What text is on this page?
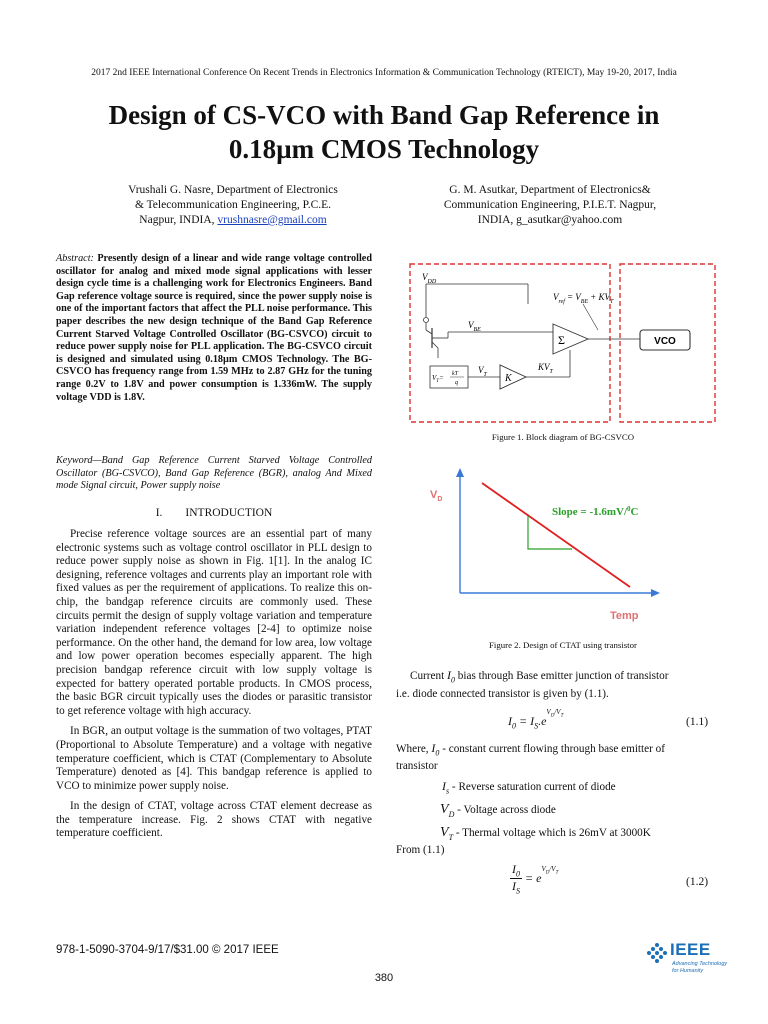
2017 2nd IEEE International Conference On Recent Trends in Electronics Information & Communication Technology (RTEICT), May 19-20, 2017, India
Design of CS-VCO with Band Gap Reference in
0.18µm CMOS Technology
Vrushali G. Nasre, Department of Electronics
& Telecommunication Engineering, P.C.E.
Nagpur, INDIA, vrushnasre@gmail.com
G. M. Asutkar, Department of Electronics&
Communication Engineering, P.I.E.T. Nagpur,
INDIA, g_asutkar@yahoo.com
Abstract: Presently design of a linear and wide range voltage controlled oscillator for analog and mixed mode signal applications with lesser design cycle time is a challenging work for Electronics Engineers. Band Gap reference voltage source is required, since the power supply noise is one of the important factors that affect the PLL noise performance. This paper describes the new design technique of the Band Gap Reference Current Starved Voltage Controlled Oscillator (BG-CSVCO) circuit to reduce power supply noise for PLL application. The BG-CSVCO circuit is designed and simulated using 0.18µm CMOS Technology. The BG-CSVCO has frequency range from 1.59 MHz to 2.87 GHz for the tuning range 0.2V to 1.8V and power consumption is 1.336mW. The supply voltage VDD is 1.8V.
Keyword—Band Gap Reference Current Starved Voltage Controlled Oscillator (BG-CSVCO), Band Gap Reference (BGR), analog And Mixed mode Signal circuit, Power supply noise
I. INTRODUCTION

Precise reference voltage sources are an essential part of many electronic systems such as voltage control oscillator in PLL design to reduce power supply noise as shown in Fig. 1[1]. In the analog IC designing, reference voltages and currents play an important role with fixed values as per the requirement of applications. To realize this on-chip, the bandgap reference circuits are commonly used. These circuits permit the design of supply voltage variation and temperature variation independent reference voltages [2-4] to optimize noise performance. On the other hand, the demand for low area, low voltage and low power operation becomes especially apparent. The high precision bandgap reference circuit with low supply voltage is expected for battery operated portable products. In CMOS process, the basic BGR circuit typically uses the diodes or parasitic transistor to get reference voltage with high accuracy.

In BGR, an output voltage is the summation of two voltages, PTAT (Proportional to Absolute Temperature) and a voltage with negative temperature coefficient, which is CTAT (Complementary to Absolute Temperature) denoted as [4]. This bandgap reference is applied to VCO to minimize power supply noise.

In the design of CTAT, voltage across CTAT element decrease as the temperature increase. Fig. 2 shows CTAT with negative temperature coefficient.

$V_{DD}$
$V_{BE}$
$V_{ref} = V_{BE} + KV_T$
Σ	VCO
$V_T=$ kT
q
$V_T$ K
$KV_T$
Figure 1. Block diagram of BG-CSVCO
$V_D$
Temp
Slope = -1.6mV/$^0$C
Figure 2. Design of CTAT using transistor
Current $I_0$ bias through Base emitter junction of transistor
i.e. diode connected transistor is given by (1.1).
$I_0 = I_S.e^{V_D/V_T}$
(1.1)
Where, $I_0$ - constant current flowing through base emitter of
transistor
$I_s$ - Reverse saturation current of diode
$V_D$ - Voltage across diode
$V_T$ - Thermal voltage which is 26mV at 3000K
From (1.1)
$\frac{I_0}{I_S} = e^{V_D/V_T}$
(1.2)
978-1-5090-3704-9/17/$31.00 © 2017 IEEE
380
IEEE
Advancing Technology
for Humanity
